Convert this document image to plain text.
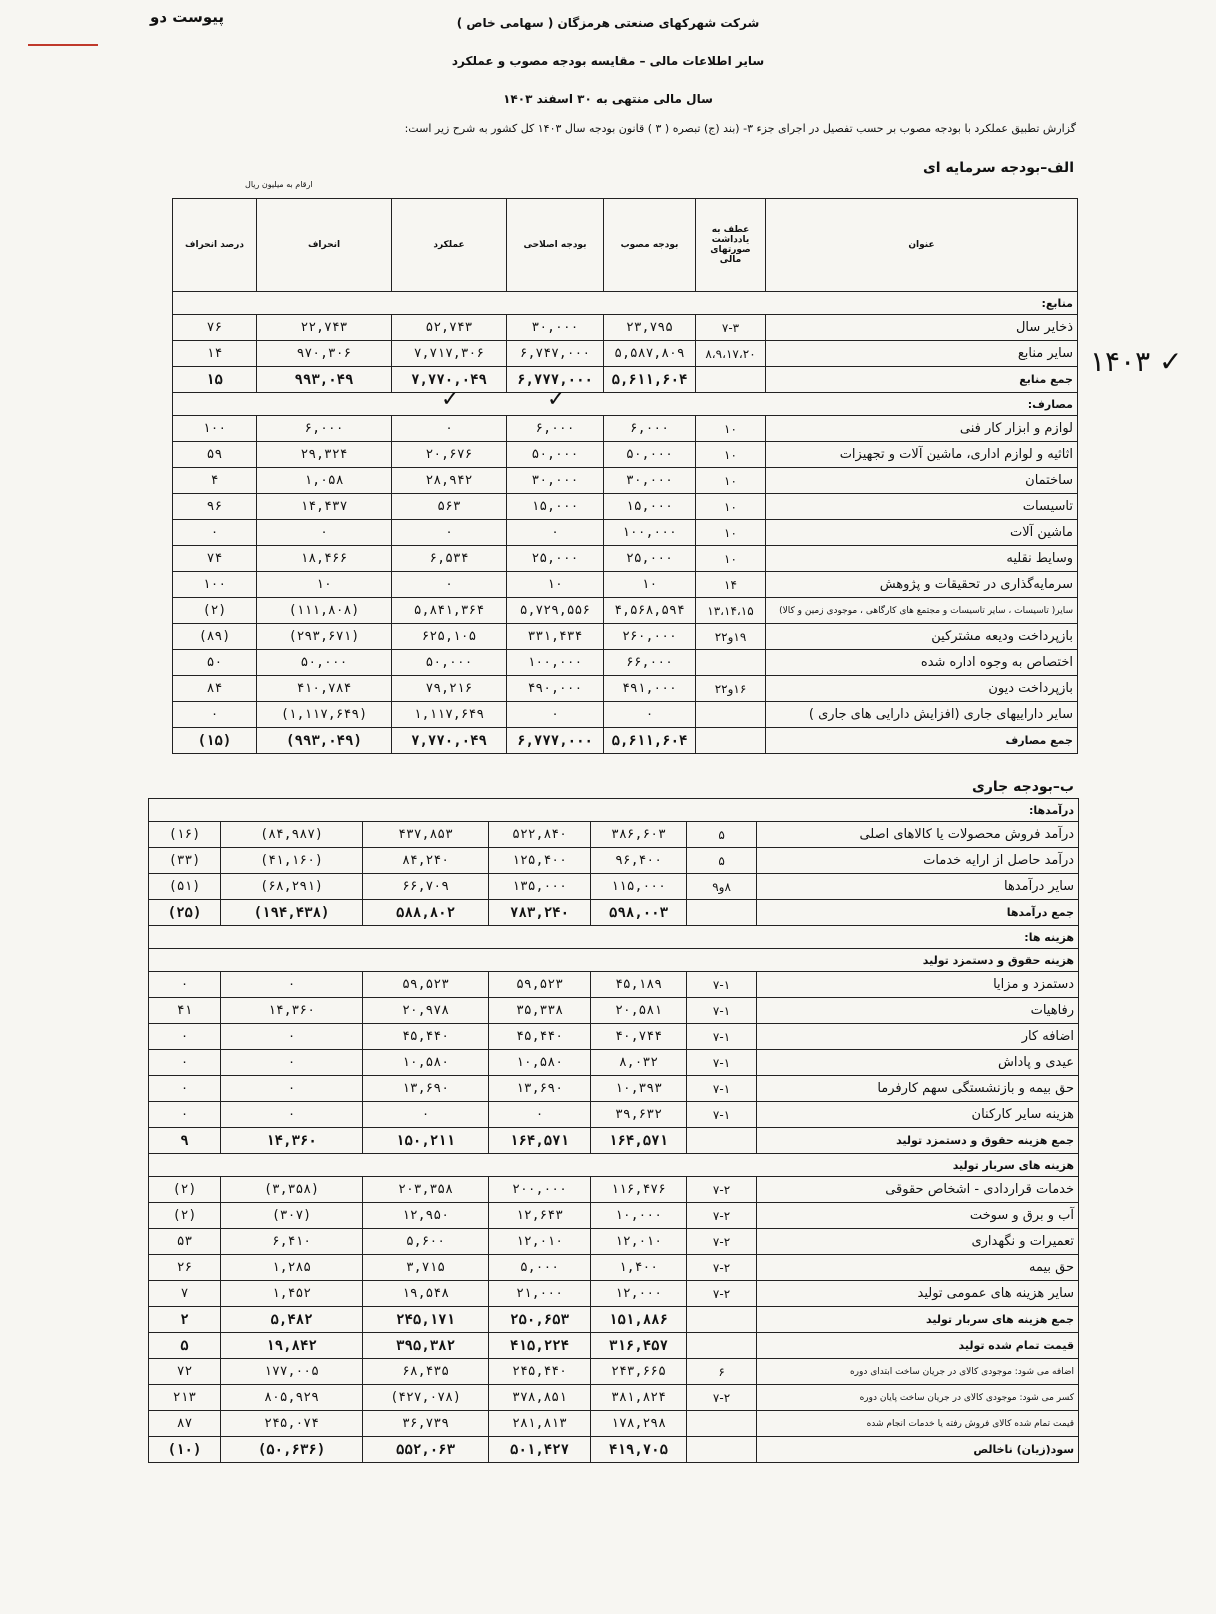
پیوست دو	شرکت شهرکهای صنعتی هرمزگان ( سهامی خاص )
سایر اطلاعات مالی – مقایسه بودجه مصوب و عملکرد
سال مالی منتهی به ۳۰ اسفند ۱۴۰۳
گزارش تطبیق عملکرد با بودجه مصوب بر حسب تفصیل در اجرای جزء ۳- (بند (ج) تبصره ( ۳ ) قانون بودجه سال ۱۴۰۳ کل کشور به شرح زیر است:
الف–بودجه سرمایه ای
ارقام به میلیون ریال
۱۴۰۳ ✓
عنوان	عطف به یادداشت صورتهای مالی	بودجه مصوب	بودجه اصلاحی	عملکرد	انحراف	درصد انحراف
منابع:						
ذخایر سال	۷-۳	۲۳,۷۹۵	۳۰,۰۰۰	۵۲,۷۴۳	۲۲,۷۴۳	۷۶
سایر منابع	۸،۹،۱۷،۲۰	۵,۵۸۷,۸۰۹	۶,۷۴۷,۰۰۰	۷,۷۱۷,۳۰۶	۹۷۰,۳۰۶	۱۴
جمع منابع		۵,۶۱۱,۶۰۴	۶,۷۷۷,۰۰۰	۷,۷۷۰,۰۴۹	۹۹۳,۰۴۹	۱۵
مصارف:						
لوازم و ابزار کار فنی	۱۰	۶,۰۰۰	۶,۰۰۰	۰	۶,۰۰۰	۱۰۰
اثاثیه و لوازم اداری، ماشین آلات و تجهیزات	۱۰	۵۰,۰۰۰	۵۰,۰۰۰	۲۰,۶۷۶	۲۹,۳۲۴	۵۹
ساختمان	۱۰	۳۰,۰۰۰	۳۰,۰۰۰	۲۸,۹۴۲	۱,۰۵۸	۴
تاسیسات	۱۰	۱۵,۰۰۰	۱۵,۰۰۰	۵۶۳	۱۴,۴۳۷	۹۶
ماشین آلات	۱۰	۱۰۰,۰۰۰	۰	۰	۰	۰
وسایط نقلیه	۱۰	۲۵,۰۰۰	۲۵,۰۰۰	۶,۵۳۴	۱۸,۴۶۶	۷۴
سرمایه‌گذاری در تحقیقات و پژوهش	۱۴	۱۰	۱۰	۰	۱۰	۱۰۰
سایر( تاسیسات ، سایر تاسیسات و مجتمع های کارگاهی ، موجودی زمین و کالا)	۱۳،۱۴،۱۵	۴,۵۶۸,۵۹۴	۵,۷۲۹,۵۵۶	۵,۸۴۱,۳۶۴	(۱۱۱,۸۰۸)	(۲)
بازپرداخت ودیعه مشترکین	۱۹و۲۲	۲۶۰,۰۰۰	۳۳۱,۴۳۴	۶۲۵,۱۰۵	(۲۹۳,۶۷۱)	(۸۹)
اختصاص به وجوه اداره شده		۶۶,۰۰۰	۱۰۰,۰۰۰	۵۰,۰۰۰	۵۰,۰۰۰	۵۰
بازپرداخت دیون	۱۶و۲۲	۴۹۱,۰۰۰	۴۹۰,۰۰۰	۷۹,۲۱۶	۴۱۰,۷۸۴	۸۴
سایر داراییهای جاری (افزایش دارایی های جاری )		۰	۰	۱,۱۱۷,۶۴۹	(۱,۱۱۷,۶۴۹)	۰
جمع مصارف		۵,۶۱۱,۶۰۴	۶,۷۷۷,۰۰۰	۷,۷۷۰,۰۴۹	(۹۹۳,۰۴۹)	(۱۵)
ب–بودجه جاری
درآمدها:						
درآمد فروش محصولات یا کالاهای اصلی	۵	۳۸۶,۶۰۳	۵۲۲,۸۴۰	۴۳۷,۸۵۳	(۸۴,۹۸۷)	(۱۶)
درآمد حاصل از ارایه خدمات	۵	۹۶,۴۰۰	۱۲۵,۴۰۰	۸۴,۲۴۰	(۴۱,۱۶۰)	(۳۳)
سایر درآمدها	۸و۹	۱۱۵,۰۰۰	۱۳۵,۰۰۰	۶۶,۷۰۹	(۶۸,۲۹۱)	(۵۱)
جمع درآمدها		۵۹۸,۰۰۳	۷۸۳,۲۴۰	۵۸۸,۸۰۲	(۱۹۴,۴۳۸)	(۲۵)
هزینه ها:						
هزینه حقوق و دستمزد تولید						
دستمزد و مزایا	۷-۱	۴۵,۱۸۹	۵۹,۵۲۳	۵۹,۵۲۳	۰	۰
رفاهیات	۷-۱	۲۰,۵۸۱	۳۵,۳۳۸	۲۰,۹۷۸	۱۴,۳۶۰	۴۱
اضافه کار	۷-۱	۴۰,۷۴۴	۴۵,۴۴۰	۴۵,۴۴۰	۰	۰
عیدی و پاداش	۷-۱	۸,۰۳۲	۱۰,۵۸۰	۱۰,۵۸۰	۰	۰
حق بیمه و بازنشستگی سهم کارفرما	۷-۱	۱۰,۳۹۳	۱۳,۶۹۰	۱۳,۶۹۰	۰	۰
هزینه سایر کارکنان	۷-۱	۳۹,۶۳۲	۰	۰	۰	۰
جمع هزینه حقوق و دستمزد تولید		۱۶۴,۵۷۱	۱۶۴,۵۷۱	۱۵۰,۲۱۱	۱۴,۳۶۰	۹
هزینه های سربار تولید						
خدمات قراردادی - اشخاص حقوقی	۷-۲	۱۱۶,۴۷۶	۲۰۰,۰۰۰	۲۰۳,۳۵۸	(۳,۳۵۸)	(۲)
آب و برق و سوخت	۷-۲	۱۰,۰۰۰	۱۲,۶۴۳	۱۲,۹۵۰	(۳۰۷)	(۲)
تعمیرات و نگهداری	۷-۲	۱۲,۰۱۰	۱۲,۰۱۰	۵,۶۰۰	۶,۴۱۰	۵۳
حق بیمه	۷-۲	۱,۴۰۰	۵,۰۰۰	۳,۷۱۵	۱,۲۸۵	۲۶
سایر هزینه های عمومی تولید	۷-۲	۱۲,۰۰۰	۲۱,۰۰۰	۱۹,۵۴۸	۱,۴۵۲	۷
جمع هزینه های سربار تولید		۱۵۱,۸۸۶	۲۵۰,۶۵۳	۲۴۵,۱۷۱	۵,۴۸۲	۲
قیمت تمام شده تولید		۳۱۶,۴۵۷	۴۱۵,۲۲۴	۳۹۵,۳۸۲	۱۹,۸۴۲	۵
اضافه می شود: موجودی کالای در جریان ساخت ابتدای دوره	۶	۲۴۳,۶۶۵	۲۴۵,۴۴۰	۶۸,۴۳۵	۱۷۷,۰۰۵	۷۲
کسر می شود: موجودی کالای در جریان ساخت پایان دوره	۷-۲	۳۸۱,۸۲۴	۳۷۸,۸۵۱	(۴۲۷,۰۷۸)	۸۰۵,۹۲۹	۲۱۳
قیمت تمام شده کالای فروش رفته یا خدمات انجام شده		۱۷۸,۲۹۸	۲۸۱,۸۱۳	۳۶,۷۳۹	۲۴۵,۰۷۴	۸۷
سود(زیان) ناخالص		۴۱۹,۷۰۵	۵۰۱,۴۲۷	۵۵۲,۰۶۳	(۵۰,۶۳۶)	(۱۰)
✓	✓
